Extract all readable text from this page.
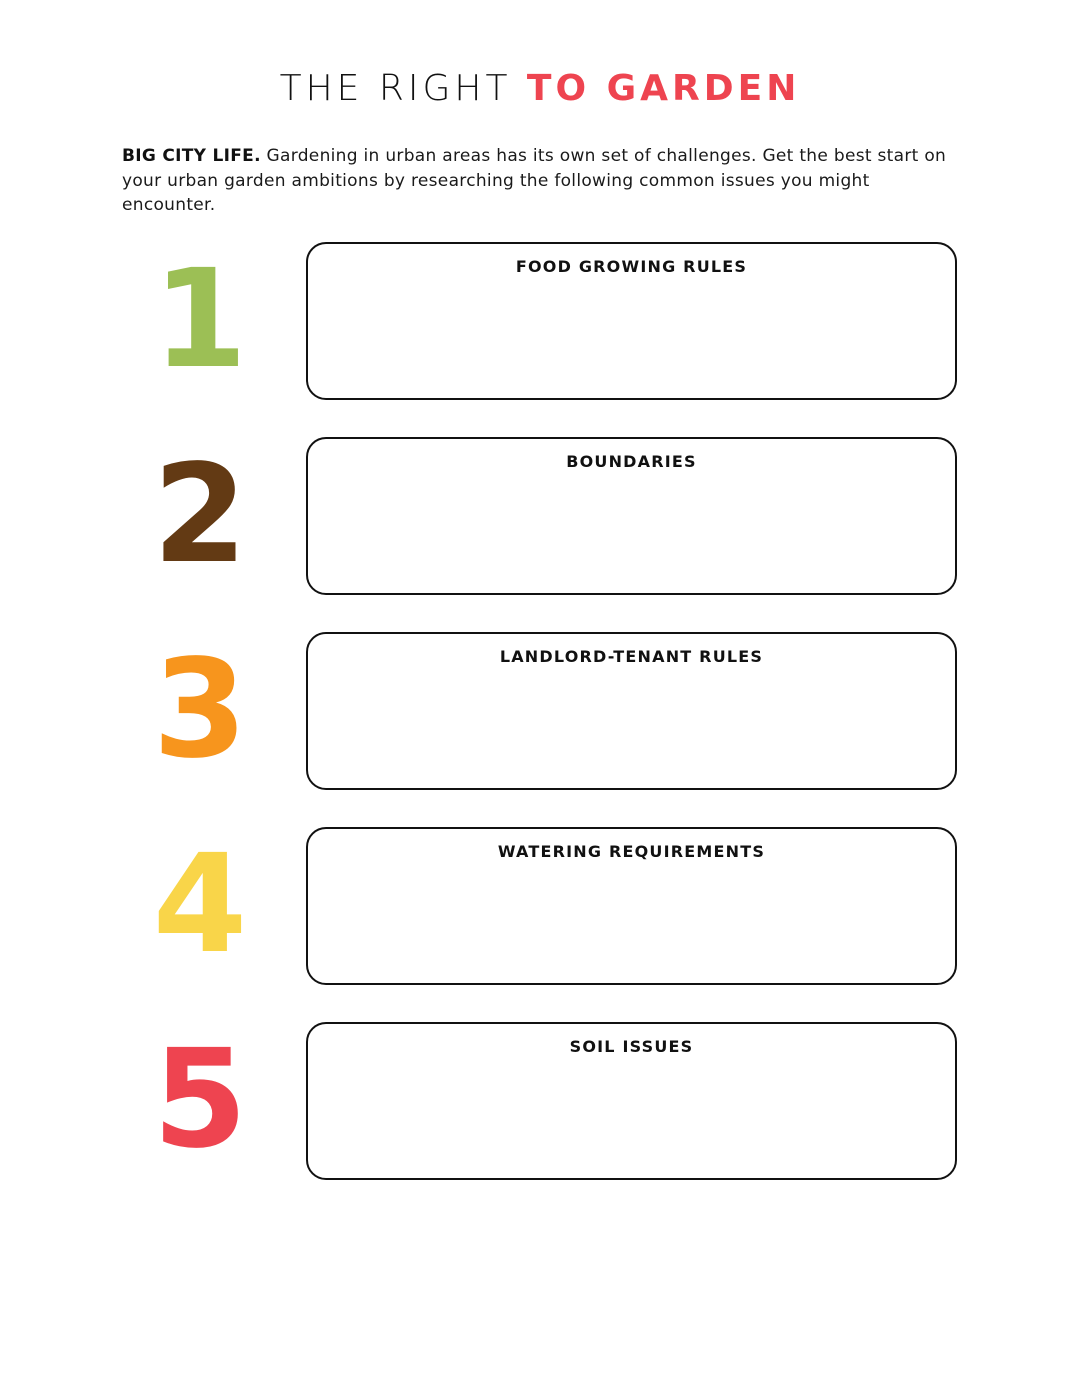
THE RIGHT TO GARDEN

BIG CITY LIFE. Gardening in urban areas has its own set of challenges. Get the best start on your urban garden ambitions by researching the following common issues you might encounter.

1	FOOD GROWING RULES
2	BOUNDARIES
3	LANDLORD-TENANT RULES
4	WATERING REQUIREMENTS
5	SOIL ISSUES
